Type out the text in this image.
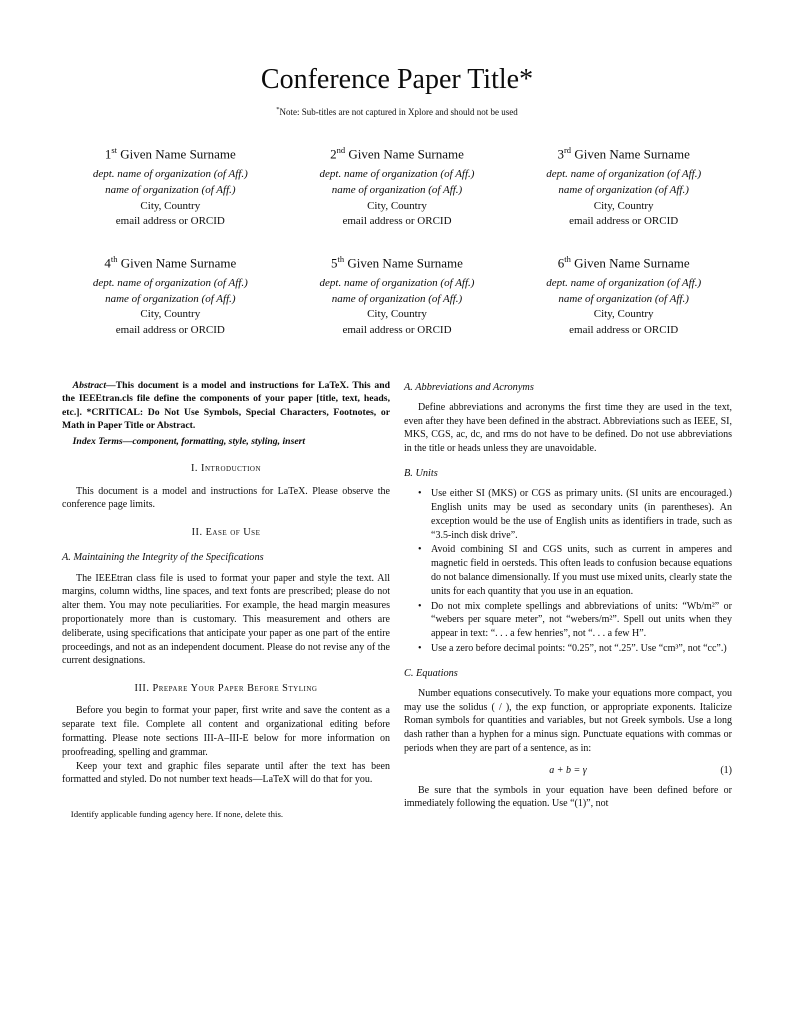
Conference Paper Title*
*Note: Sub-titles are not captured in Xplore and should not be used
1st Given Name Surname
dept. name of organization (of Aff.)
name of organization (of Aff.)
City, Country
email address or ORCID
2nd Given Name Surname
dept. name of organization (of Aff.)
name of organization (of Aff.)
City, Country
email address or ORCID
3rd Given Name Surname
dept. name of organization (of Aff.)
name of organization (of Aff.)
City, Country
email address or ORCID
4th Given Name Surname
dept. name of organization (of Aff.)
name of organization (of Aff.)
City, Country
email address or ORCID
5th Given Name Surname
dept. name of organization (of Aff.)
name of organization (of Aff.)
City, Country
email address or ORCID
6th Given Name Surname
dept. name of organization (of Aff.)
name of organization (of Aff.)
City, Country
email address or ORCID

Abstract—This document is a model and instructions for LaTeX. This and the IEEEtran.cls file define the components of your paper [title, text, heads, etc.]. *CRITICAL: Do Not Use Symbols, Special Characters, Footnotes, or Math in Paper Title or Abstract.

Index Terms—component, formatting, style, styling, insert

I. Introduction

This document is a model and instructions for LaTeX. Please observe the conference page limits.

II. Ease of Use
A. Maintaining the Integrity of the Specifications

The IEEEtran class file is used to format your paper and style the text. All margins, column widths, line spaces, and text fonts are prescribed; please do not alter them. You may note peculiarities. For example, the head margin measures proportionately more than is customary. This measurement and others are deliberate, using specifications that anticipate your paper as one part of the entire proceedings, and not as an independent document. Please do not revise any of the current designations.

III. Prepare Your Paper Before Styling

Before you begin to format your paper, first write and save the content as a separate text file. Complete all content and organizational editing before formatting. Please note sections III-A–III-E below for more information on proofreading, spelling and grammar.

Keep your text and graphic files separate until after the text has been formatted and styled. Do not number text heads—LaTeX will do that for you.

Identify applicable funding agency here. If none, delete this.
A. Abbreviations and Acronyms

Define abbreviations and acronyms the first time they are used in the text, even after they have been defined in the abstract. Abbreviations such as IEEE, SI, MKS, CGS, ac, dc, and rms do not have to be defined. Do not use abbreviations in the title or heads unless they are unavoidable.

B. Units
• Use either SI (MKS) or CGS as primary units. (SI units are encouraged.) English units may be used as secondary units (in parentheses). An exception would be the use of English units as identifiers in trade, such as “3.5-inch disk drive”.
• Avoid combining SI and CGS units, such as current in amperes and magnetic field in oersteds. This often leads to confusion because equations do not balance dimensionally. If you must use mixed units, clearly state the units for each quantity that you use in an equation.
• Do not mix complete spellings and abbreviations of units: “Wb/m²” or “webers per square meter”, not “webers/m²”. Spell out units when they appear in text: “. . . a few henries”, not “. . . a few H”.
• Use a zero before decimal points: “0.25”, not “.25”. Use “cm³”, not “cc”.)
C. Equations

Number equations consecutively. To make your equations more compact, you may use the solidus ( / ), the exp function, or appropriate exponents. Italicize Roman symbols for quantities and variables, but not Greek symbols. Use a long dash rather than a hyphen for a minus sign. Punctuate equations with commas or periods when they are part of a sentence, as in:

a + b = γ	(1)

Be sure that the symbols in your equation have been defined before or immediately following the equation. Use “(1)”, not
